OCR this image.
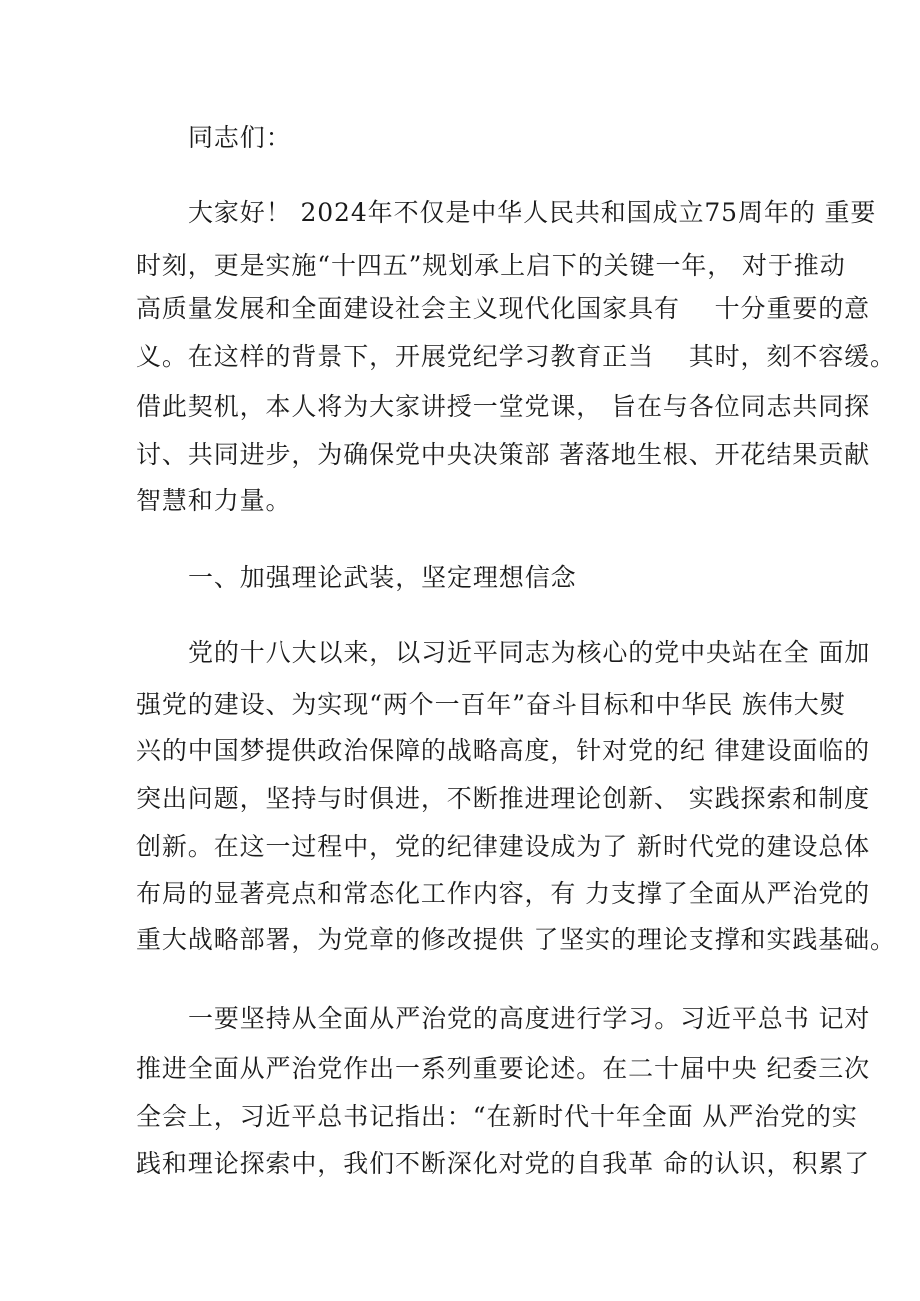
同志们：
大家好！ 2024年不仅是中华人民共和国成立75周年的 重要
时刻，更是实施“十四五”规划承上启下的关键一年， 对于推动
高质量发展和全面建设社会主义现代化国家具有　 十分重要的意
义。在这样的背景下，开展党纪学习教育正当　 其时，刻不容缓。
借此契机，本人将为大家讲授一堂党课， 旨在与各位同志共同探
讨、共同进步，为确保党中央决策部 著落地生根、开花结果贡献
智慧和力量。
一、加强理论武装，坚定理想信念
党的十八大以来，以习近平同志为核心的党中央站在全 面加
强党的建设、为实现“两个一百年”奋斗目标和中华民 族伟大熨
兴的中国梦提供政治保障的战略高度，针对党的纪 律建设面临的
突出问题，坚持与时俱进，不断推进理论创新、 实践探索和制度
创新。在这一过程中，党的纪律建设成为了 新时代党的建设总体
布局的显著亮点和常态化工作内容，有 力支撑了全面从严治党的
重大战略部署，为党章的修改提供 了坚实的理论支撑和实践基础。
一要坚持从全面从严治党的高度进行学习。习近平总书 记对
推进全面从严治党作出一系列重要论述。在二十届中央 纪委三次
全会上，习近平总书记指出：“在新时代十年全面 从严治党的实
践和理论探索中，我们不断深化对党的自我革 命的认识，积累了
